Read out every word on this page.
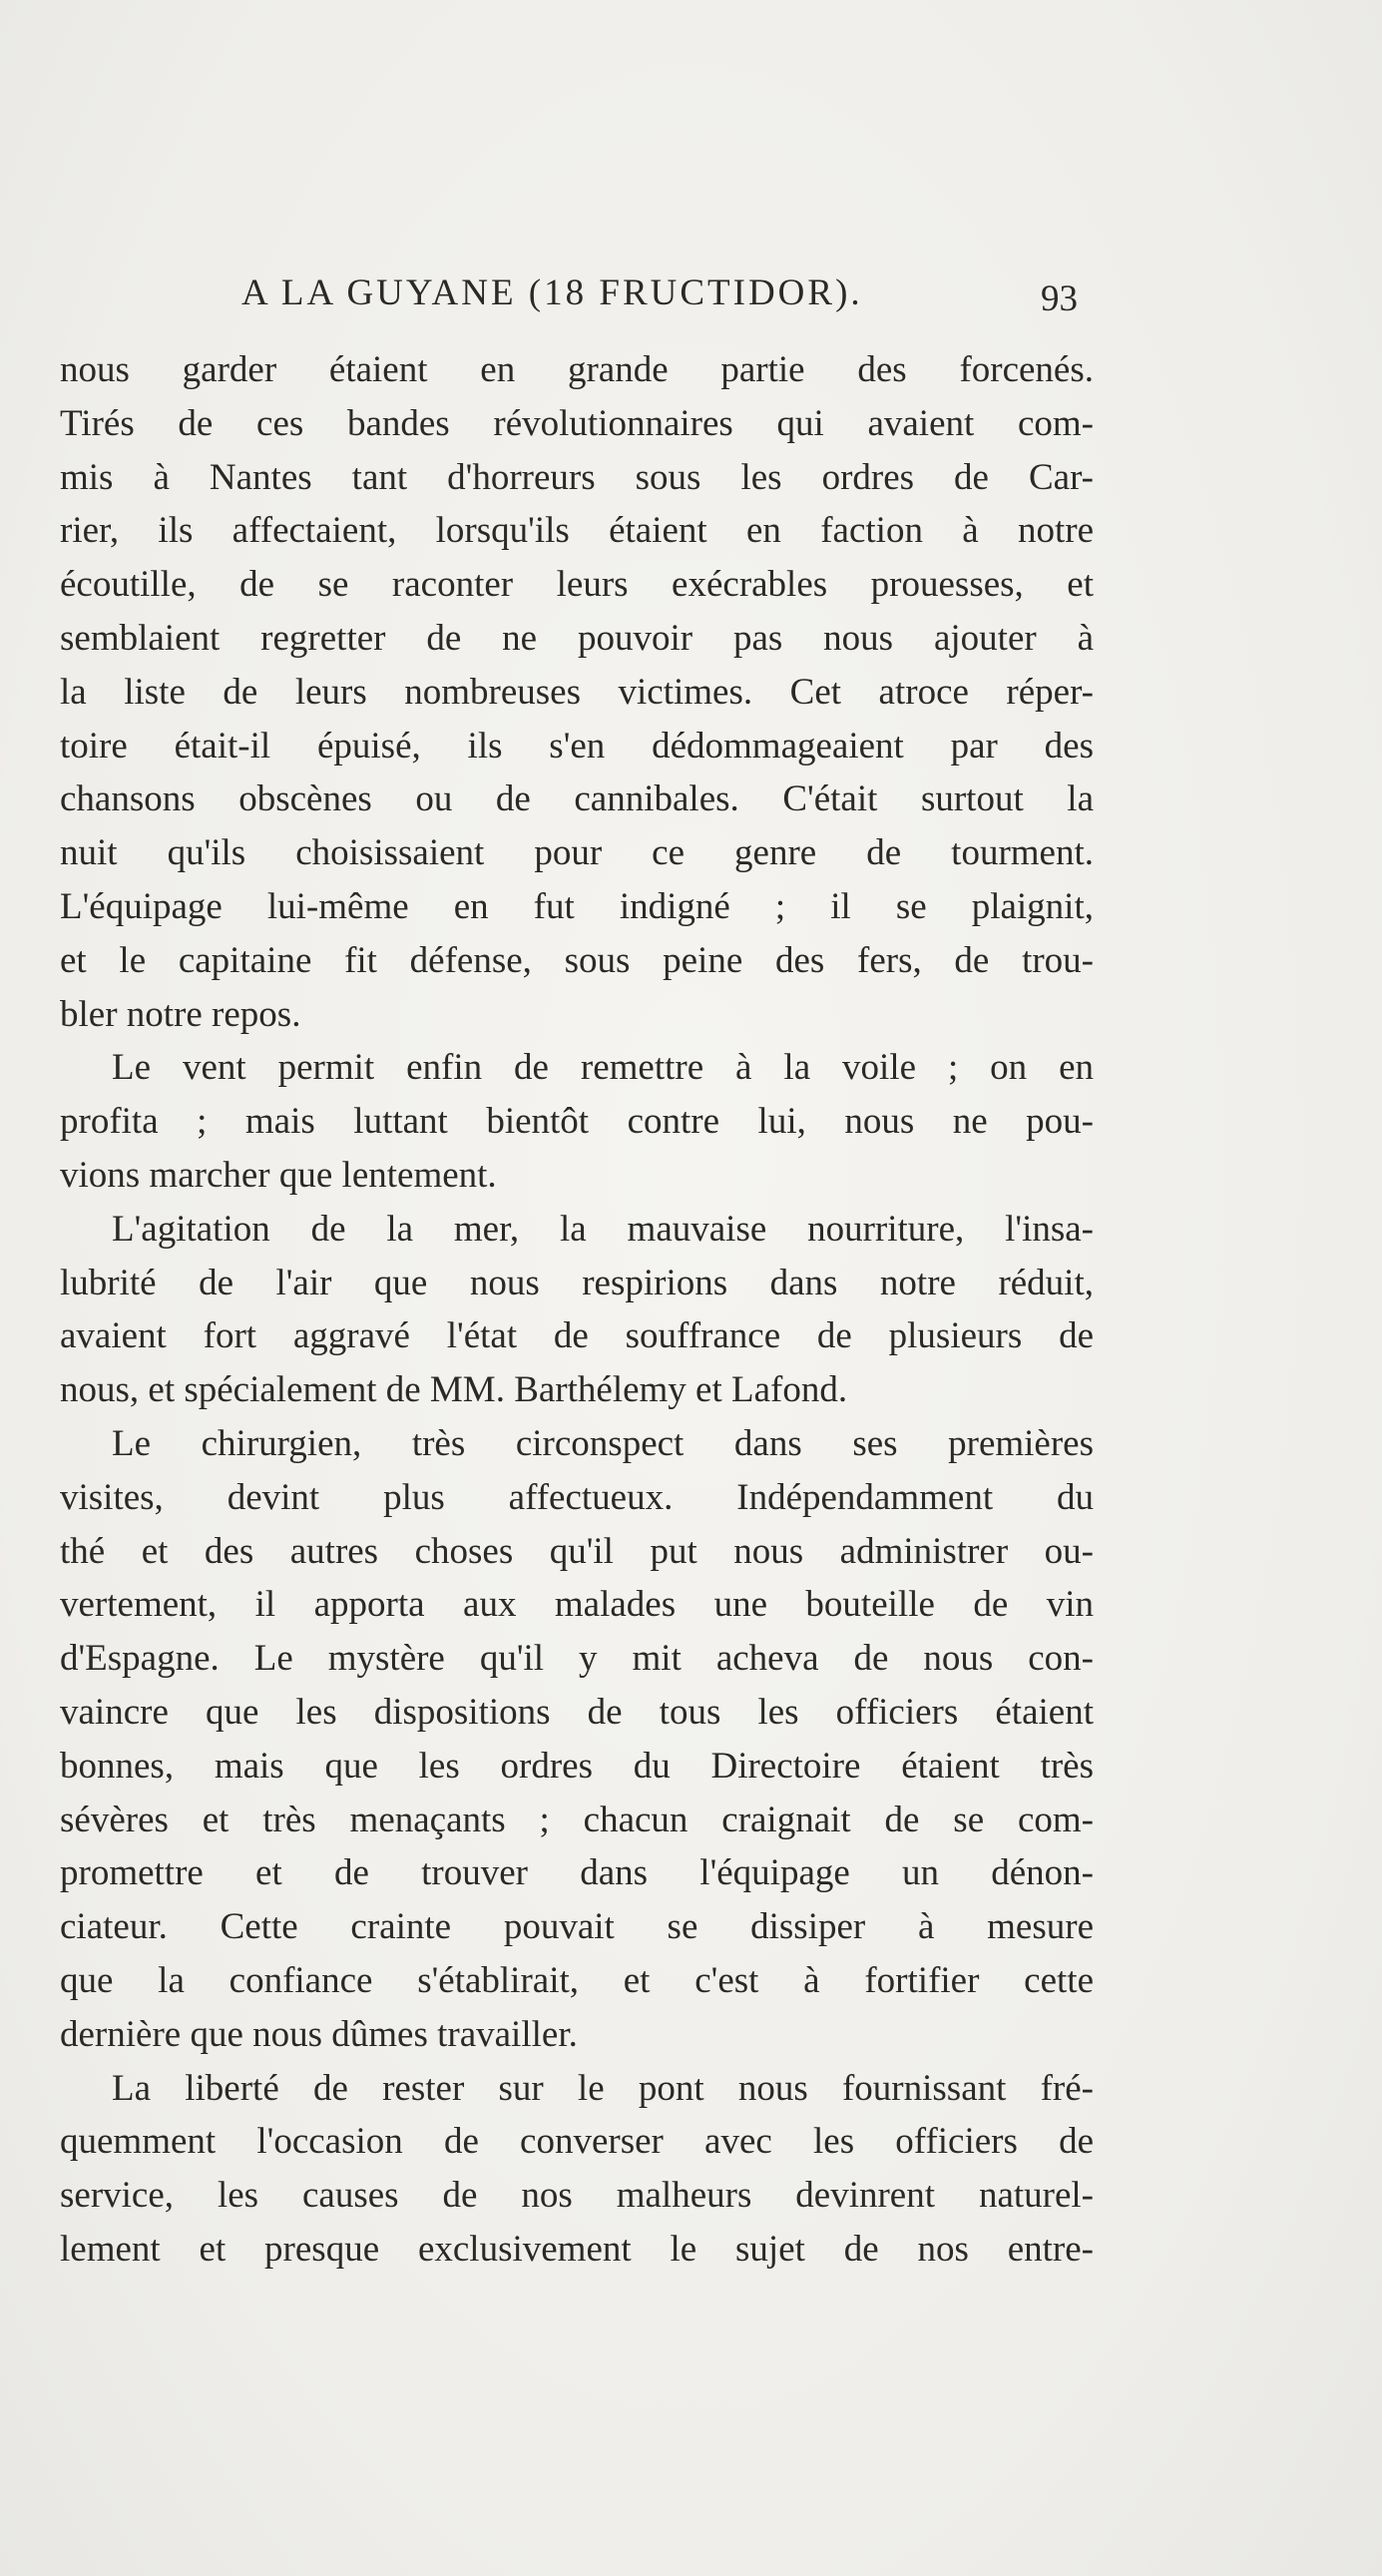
A LA GUYANE (18 FRUCTIDOR).	93
nous garder étaient en grande partie des forcenés.
Tirés de ces bandes révolutionnaires qui avaient com-
mis à Nantes tant d'horreurs sous les ordres de Car-
rier, ils affectaient, lorsqu'ils étaient en faction à notre
écoutille, de se raconter leurs exécrables prouesses, et
semblaient regretter de ne pouvoir pas nous ajouter à
la liste de leurs nombreuses victimes. Cet atroce réper-
toire était-il épuisé, ils s'en dédommageaient par des
chansons obscènes ou de cannibales. C'était surtout la
nuit qu'ils choisissaient pour ce genre de tourment.
L'équipage lui-même en fut indigné ; il se plaignit,
et le capitaine fit défense, sous peine des fers, de trou-
bler notre repos.
Le vent permit enfin de remettre à la voile ; on en
profita ; mais luttant bientôt contre lui, nous ne pou-
vions marcher que lentement.
L'agitation de la mer, la mauvaise nourriture, l'insa-
lubrité de l'air que nous respirions dans notre réduit,
avaient fort aggravé l'état de souffrance de plusieurs de
nous, et spécialement de MM. Barthélemy et Lafond.
Le chirurgien, très circonspect dans ses premières
visites, devint plus affectueux. Indépendamment du
thé et des autres choses qu'il put nous administrer ou-
vertement, il apporta aux malades une bouteille de vin
d'Espagne. Le mystère qu'il y mit acheva de nous con-
vaincre que les dispositions de tous les officiers étaient
bonnes, mais que les ordres du Directoire étaient très
sévères et très menaçants ; chacun craignait de se com-
promettre et de trouver dans l'équipage un dénon-
ciateur. Cette crainte pouvait se dissiper à mesure
que la confiance s'établirait, et c'est à fortifier cette
dernière que nous dûmes travailler.
La liberté de rester sur le pont nous fournissant fré-
quemment l'occasion de converser avec les officiers de
service, les causes de nos malheurs devinrent naturel-
lement et presque exclusivement le sujet de nos entre-
